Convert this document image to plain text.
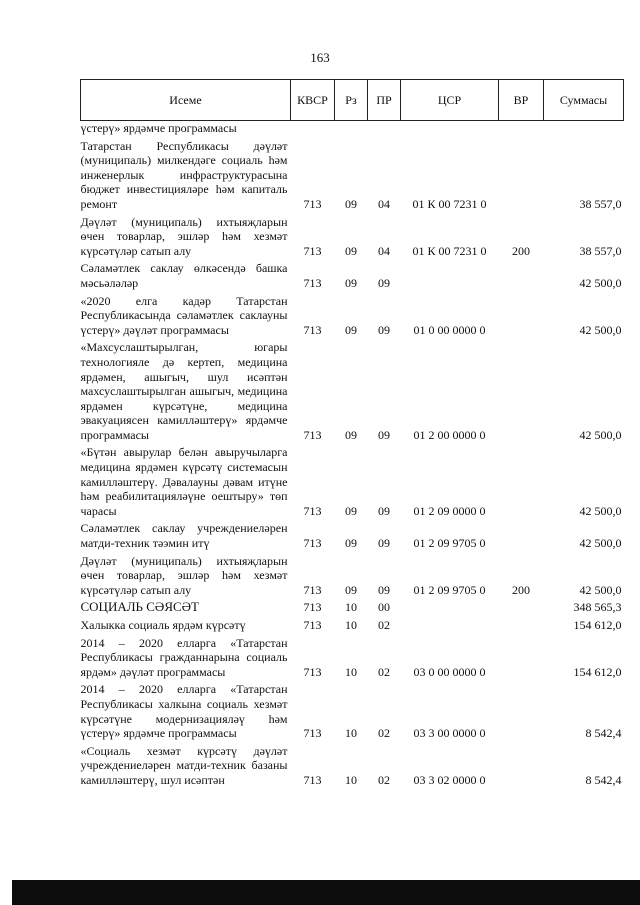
163
Исеме	КВСР	Рз	ПР	ЦСР	ВР	Суммасы
үстерү» ярдәмче программасы						
Татарстан Республикасы дәүләт (муниципаль) милкендәге социаль һәм инженерлык инфраструктурасына бюджет инвестицияләре һәм капиталь ремонт	713	09	04	01 К 00 7231 0		38 557,0
Дәүләт (муниципаль) ихтыяҗларын өчен товарлар, эшләр һәм хезмәт күрсәтүләр сатып алу	713	09	04	01 К 00 7231 0	200	38 557,0
Сәламәтлек саклау өлкәсендә башка мәсьәләләр	713	09	09			42 500,0
«2020 елга кадәр Татарстан Республикасында сәламәтлек саклауны үстерү» дәүләт программасы	713	09	09	01 0 00 0000 0		42 500,0
«Махсуслаштырылган, югары технологияле дә кертеп, медицина ярдәмен, ашыгыч, шул исәптән махсуслаштырылган ашыгыч, медицина ярдәмен күрсәтүне, медицина эвакуациясен камилләштерү» ярдәмче программасы	713	09	09	01 2 00 0000 0		42 500,0
«Бүтән авырулар белән авыручыларга медицина ярдәмен күрсәтү системасын камилләштерү. Дәвалауны дәвам итүне һәм реабилитацияләүне оештыру» төп чарасы	713	09	09	01 2 09 0000 0		42 500,0
Сәламәтлек саклау учреждениеләрен матди-техник тәэмин итү	713	09	09	01 2 09 9705 0		42 500,0
Дәүләт (муниципаль) ихтыяҗларын өчен товарлар, эшләр һәм хезмәт күрсәтүләр сатып алу	713	09	09	01 2 09 9705 0	200	42 500,0
СОЦИАЛЬ СӘЯСӘТ	713	10	00			348 565,3
Халыкка социаль ярдәм күрсәтү	713	10	02			154 612,0
2014 – 2020 елларга «Татарстан Республикасы гражданнарына социаль ярдәм» дәүләт программасы	713	10	02	03 0 00 0000 0		154 612,0
2014 – 2020 елларга «Татарстан Республикасы халкына социаль хезмәт күрсәтүне модернизацияләү һәм үстерү» ярдәмче программасы	713	10	02	03 3 00 0000 0		8 542,4
«Социаль хезмәт күрсәтү дәүләт учреждениеләрен матди-техник базаны камилләштерү, шул исәптән	713	10	02	03 3 02 0000 0		8 542,4
